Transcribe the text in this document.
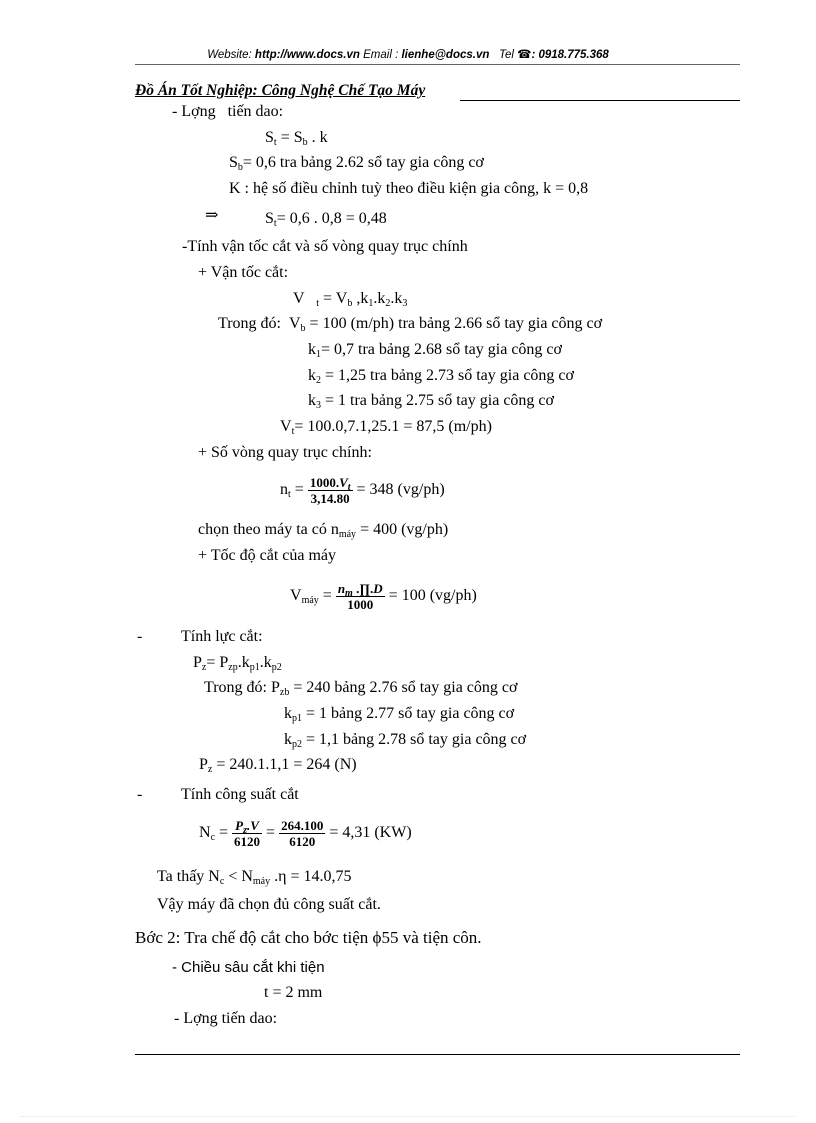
Website: http://www.docs.vn Email : lienhe@docs.vn Tel ☎: 0918.775.368
Đồ Án Tốt Nghiệp: Công Nghệ Chế Tạo Máy
- Lợng   tiến dao:
$S_t = S_b$ . k
$S_b= 0,6$ tra bảng 2.62 sổ tay gia công cơ
K : hệ số điều chỉnh tuỳ theo điều kiện gia công, k = 0,8
⇒	$S_t= 0,6$ . 0,8 = 0,48
-Tính vận tốc cắt và số vòng quay trục chính
+ Vận tốc cắt:
V   $_t = V_b$ $,k_1.k_2.k_3$
Trong đó:  $V_b = 100$ (m/ph) tra bảng 2.66 sổ tay gia công cơ
$k_1= 0,7$ tra bảng 2.68 sổ tay gia công cơ
$k_2 = 1,25$ tra bảng 2.73 sổ tay gia công cơ
$k_3 = 1$ tra bảng 2.75 sổ tay gia công cơ
$V_t= 100.0,7.1,25.1 = 87,5$ (m/ph)
+ Số vòng quay trục chính:
$n_t = \frac{1000.V_t}{3,14.80} = 348$ (vg/ph)
chọn theo máy ta có $n_{máy} = 400$ (vg/ph)
+ Tốc độ cắt của máy
$V_{máy} = \frac{n_m .\prod.D}{1000} = 100$ (vg/ph)
- Tính lực cắt:
$P_z= P_{zp}.k_{p1}.k_{p2}$
Trong đó: $P_{zb} = 240$ bảng 2.76 sổ tay gia công cơ
$k_{p1} = 1$ bảng 2.77 sổ tay gia công cơ
$k_{p2} = 1,1$ bảng 2.78 sổ tay gia công cơ
$P_z = 240.1.1,1 = 264$ (N)
- Tính công suất cắt
$N_c = \frac{P_z.V}{6120} = \frac{264.100}{6120} = 4,31$ (KW)
Ta thấy $N_c < N_{máy}$ .η = 14.0,75
Vậy máy đã chọn đủ công suất cắt.
Bớc 2: Tra chế độ cắt cho bớc tiện ϕ55 và tiện côn.
- Chiều sâu cắt khi tiện
t = 2 mm
- Lợng tiến dao:
